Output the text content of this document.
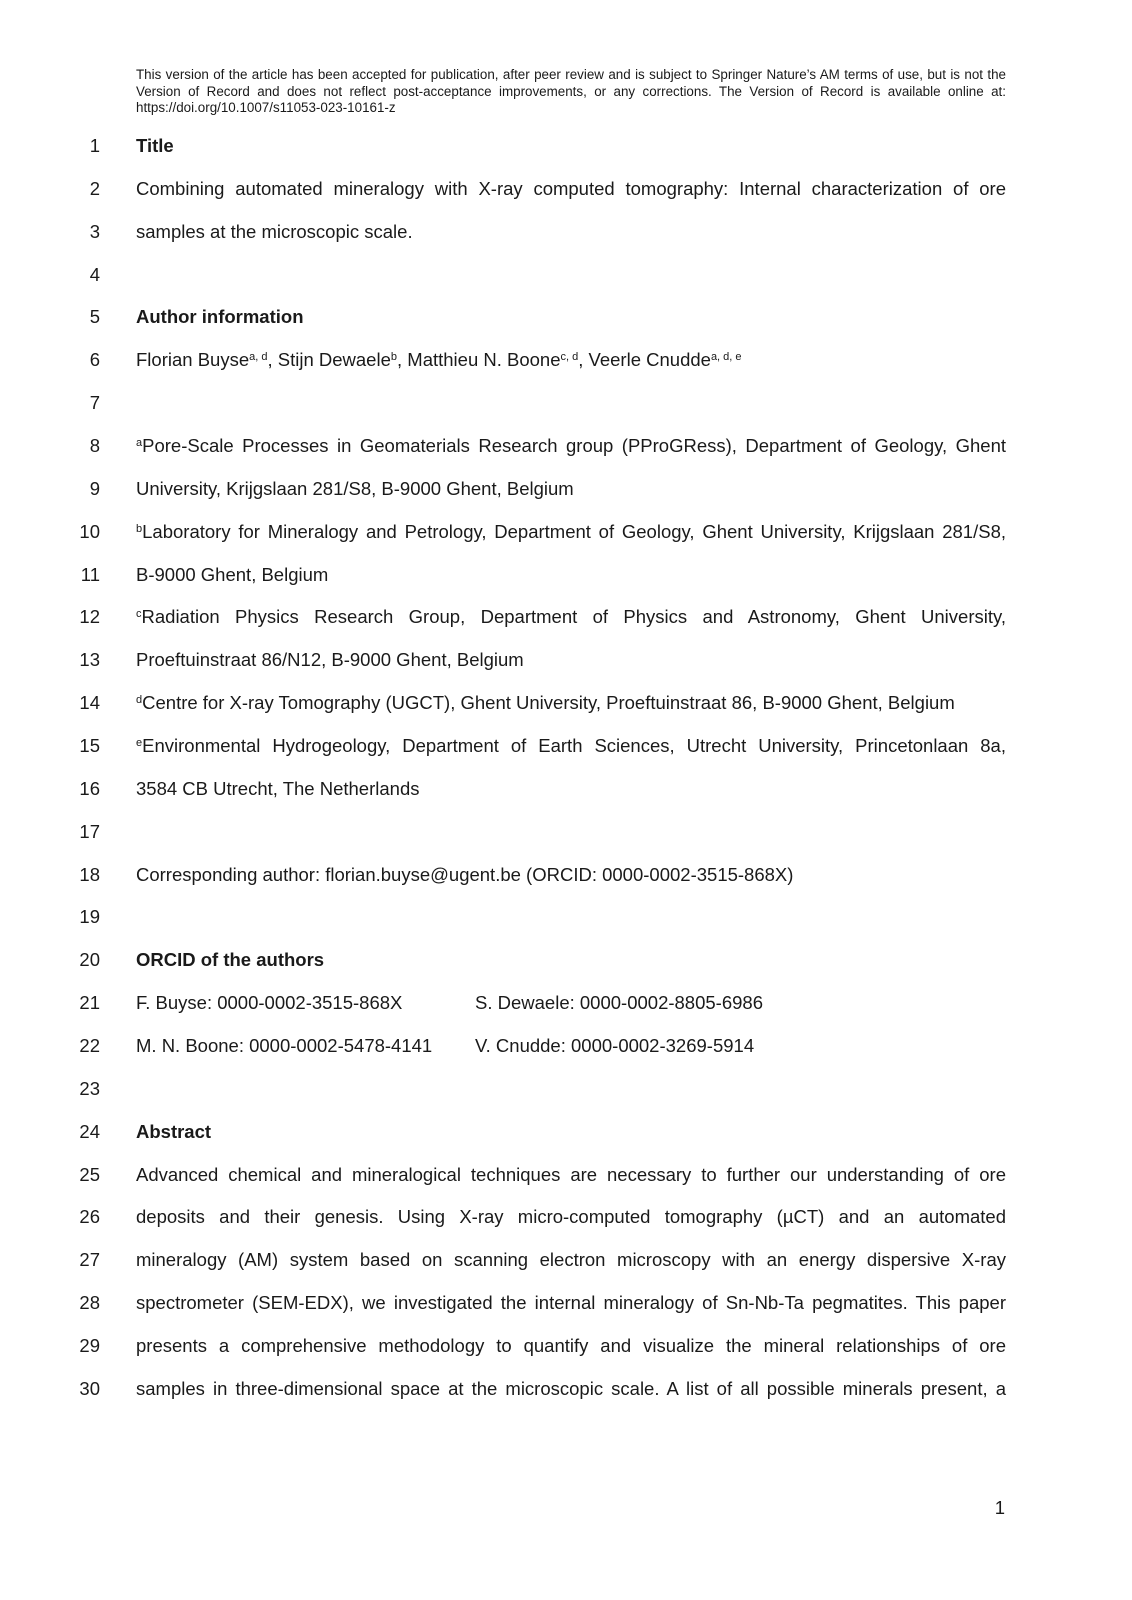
This version of the article has been accepted for publication, after peer review and is subject to Springer Nature’s AM terms of use, but is not the Version of Record and does not reflect post-acceptance improvements, or any corrections. The Version of Record is available online at: https://doi.org/10.1007/s11053-023-10161-z
1 Title
2 Combining automated mineralogy with X-ray computed tomography: Internal characterization of ore
3 samples at the microscopic scale.
4
5 Author information
6 Florian Buyse$^{a, d}$, Stijn Dewaele$^b$, Matthieu N. Boone$^{c, d}$, Veerle Cnudde$^{a, d, e}$
7
8	$^a$Pore-Scale Processes in Geomaterials Research group (PProGRess), Department of Geology, Ghent
9 University, Krijgslaan 281/S8, B-9000 Ghent, Belgium
10	$^b$Laboratory for Mineralogy and Petrology, Department of Geology, Ghent University, Krijgslaan 281/S8,
11 B-9000 Ghent, Belgium
12	$^c$Radiation Physics Research Group, Department of Physics and Astronomy, Ghent University,
13 Proeftuinstraat 86/N12, B-9000 Ghent, Belgium
14	$^d$Centre for X-ray Tomography (UGCT), Ghent University, Proeftuinstraat 86, B-9000 Ghent, Belgium
15	$^e$Environmental Hydrogeology, Department of Earth Sciences, Utrecht University, Princetonlaan 8a,
16 3584 CB Utrecht, The Netherlands
17
18 Corresponding author: florian.buyse@ugent.be (ORCID: 0000-0002-3515-868X)
19
20 ORCID of the authors
21 F. Buyse: 0000-0002-3515-868X	S. Dewaele: 0000-0002-8805-6986
22 M. N. Boone: 0000-0002-5478-4141 V. Cnudde: 0000-0002-3269-5914
23
24 Abstract
25 Advanced chemical and mineralogical techniques are necessary to further our understanding of ore
26 deposits and their genesis. Using X-ray micro-computed tomography (µCT) and an automated
27 mineralogy (AM) system based on scanning electron microscopy with an energy dispersive X-ray
28 spectrometer (SEM-EDX), we investigated the internal mineralogy of Sn-Nb-Ta pegmatites. This paper
29 presents a comprehensive methodology to quantify and visualize the mineral relationships of ore
30 samples in three-dimensional space at the microscopic scale. A list of all possible minerals present, a
1
